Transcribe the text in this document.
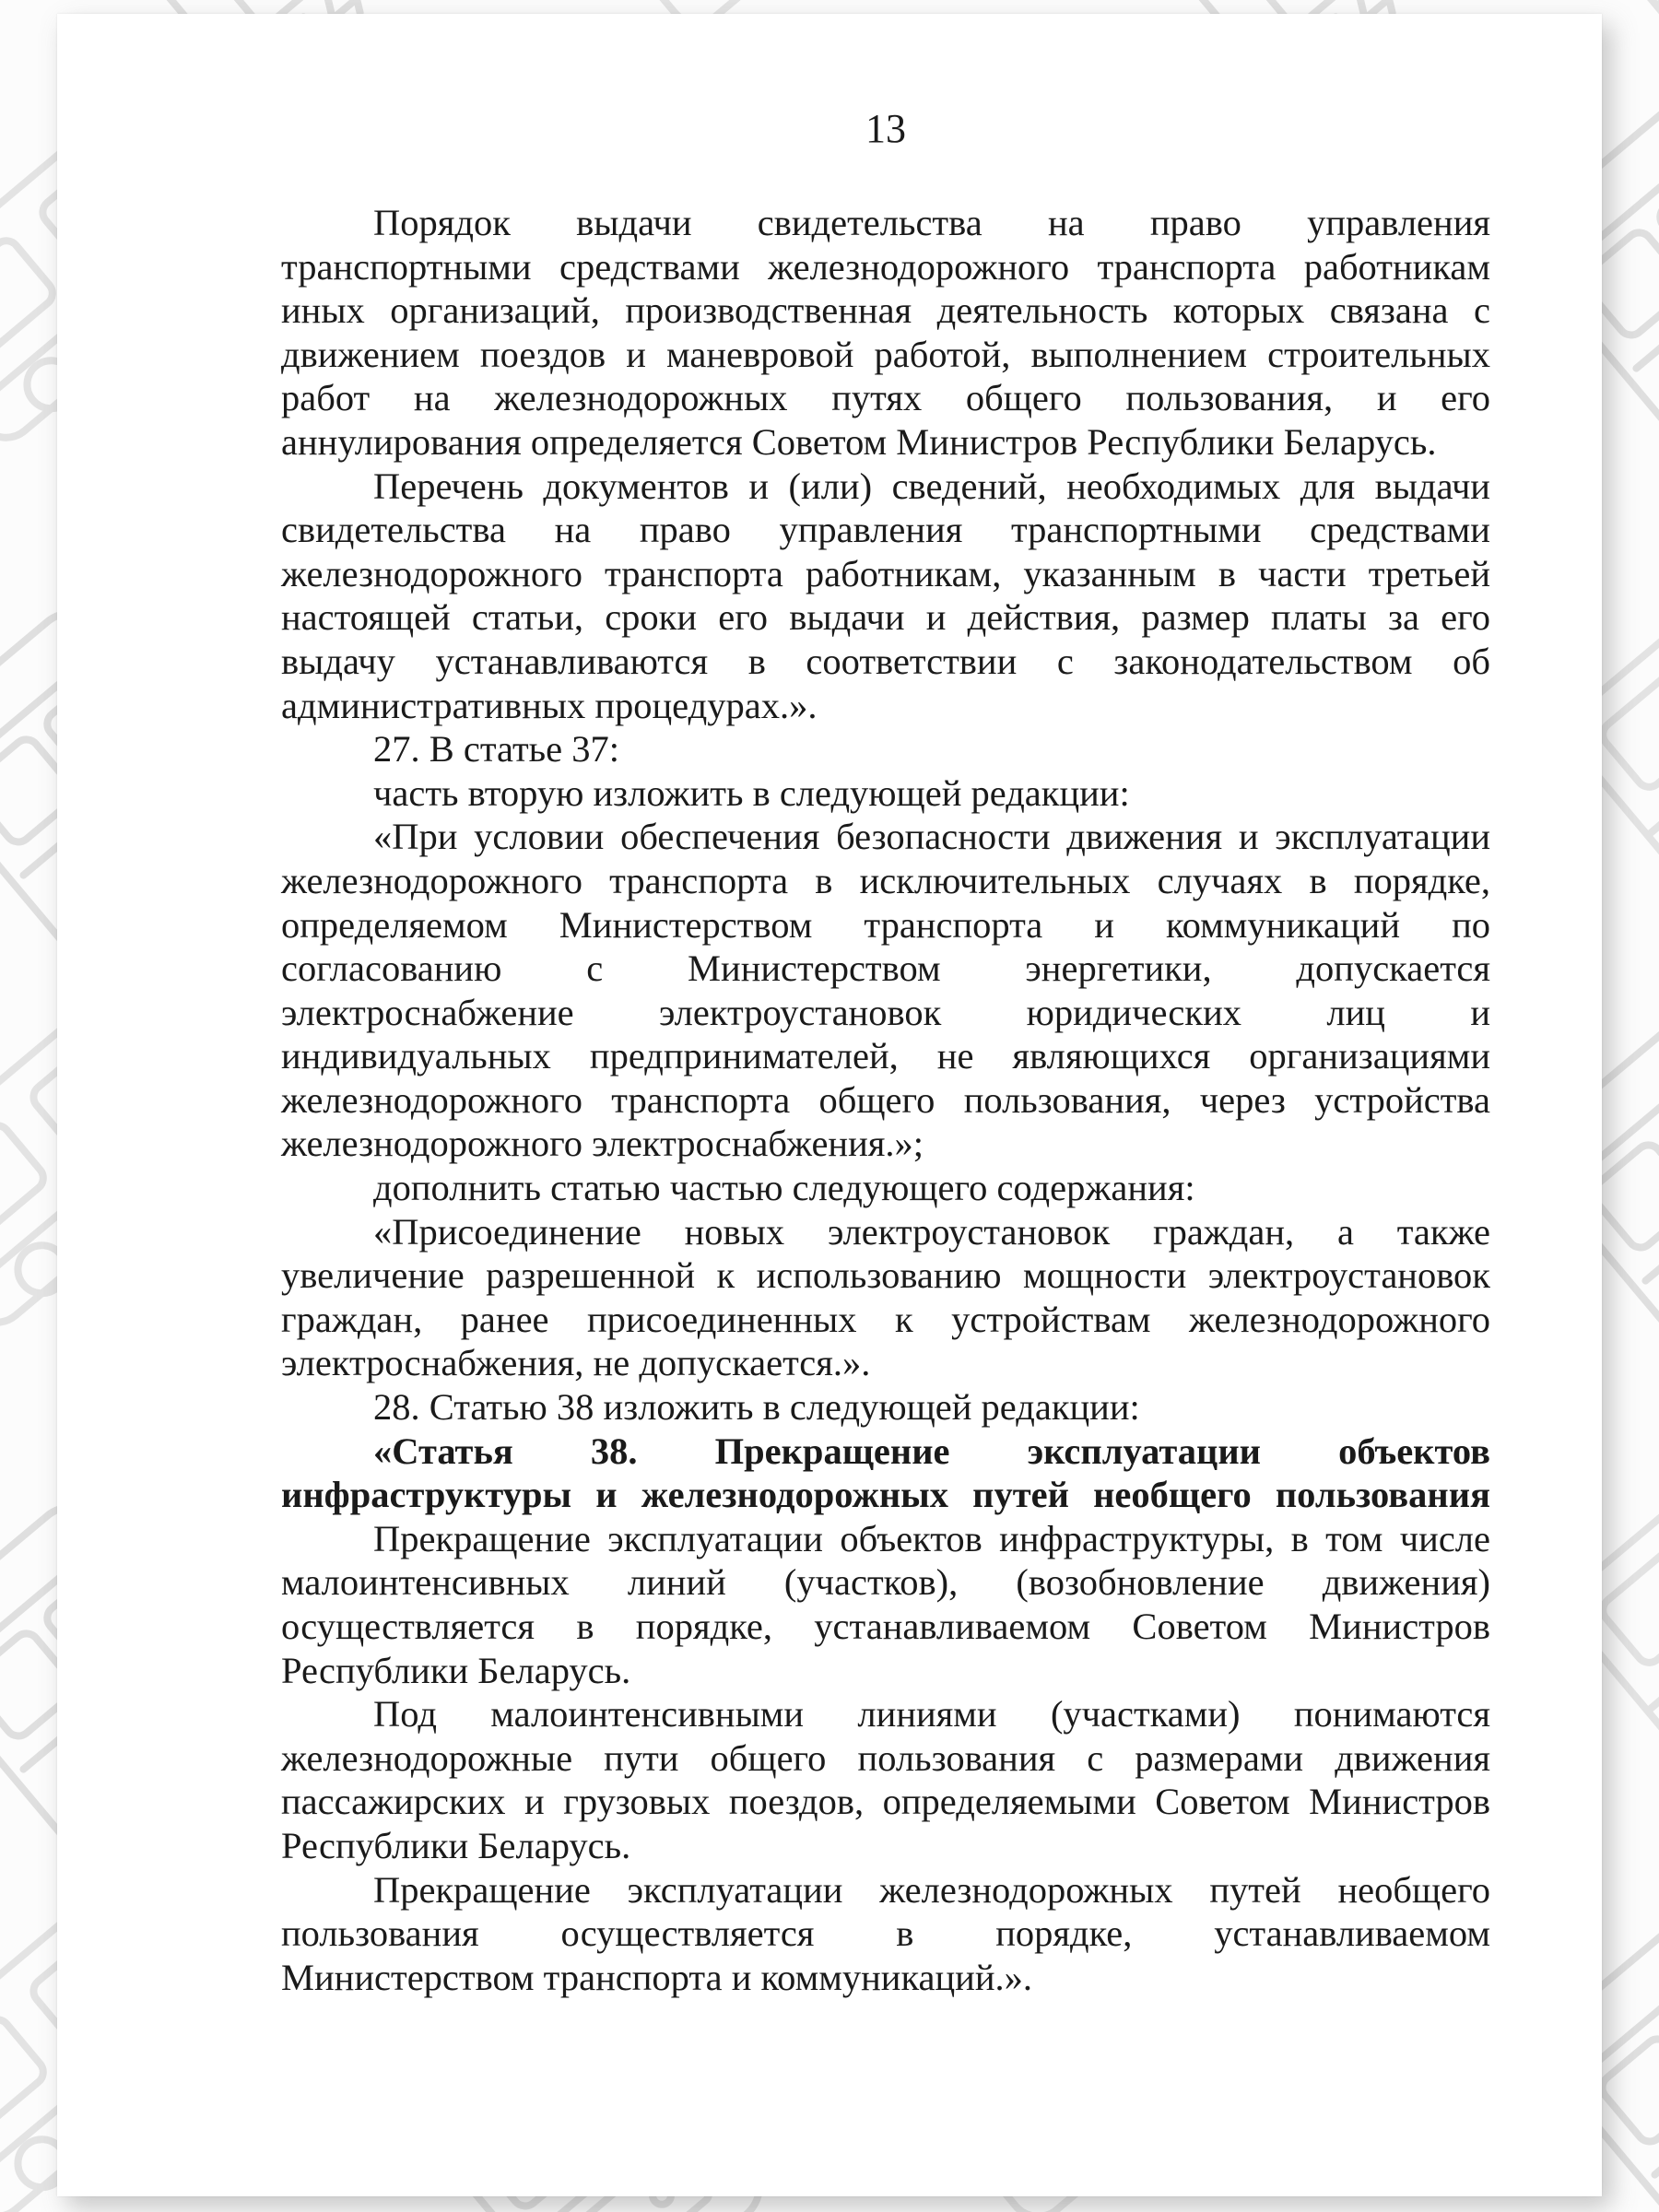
13
Порядок выдачи свидетельства на право управления
транспортными средствами железнодорожного транспорта работникам
иных организаций, производственная деятельность которых связана с
движением поездов и маневровой работой, выполнением строительных
работ на железнодорожных путях общего пользования, и его
аннулирования определяется Советом Министров Республики Беларусь.
Перечень документов и (или) сведений, необходимых для выдачи
свидетельства на право управления транспортными средствами
железнодорожного транспорта работникам, указанным в части третьей
настоящей статьи, сроки его выдачи и действия, размер платы за его
выдачу устанавливаются в соответствии с законодательством об
административных процедурах.».
27. В статье 37:
часть вторую изложить в следующей редакции:
«При условии обеспечения безопасности движения и эксплуатации
железнодорожного транспорта в исключительных случаях в порядке,
определяемом Министерством транспорта и коммуникаций по
согласованию с Министерством энергетики, допускается
электроснабжение электроустановок юридических лиц и
индивидуальных предпринимателей, не являющихся организациями
железнодорожного транспорта общего пользования, через устройства
железнодорожного электроснабжения.»;
дополнить статью частью следующего содержания:
«Присоединение новых электроустановок граждан, а также
увеличение разрешенной к использованию мощности электроустановок
граждан, ранее присоединенных к устройствам железнодорожного
электроснабжения, не допускается.».
28. Статью 38 изложить в следующей редакции:
«Статья 38. Прекращение эксплуатации объектов
инфраструктуры и железнодорожных путей необщего пользования
Прекращение эксплуатации объектов инфраструктуры, в том числе
малоинтенсивных линий (участков), (возобновление движения)
осуществляется в порядке, устанавливаемом Советом Министров
Республики Беларусь.
Под малоинтенсивными линиями (участками) понимаются
железнодорожные пути общего пользования с размерами движения
пассажирских и грузовых поездов, определяемыми Советом Министров
Республики Беларусь.
Прекращение эксплуатации железнодорожных путей необщего
пользования осуществляется в порядке, устанавливаемом
Министерством транспорта и коммуникаций.».
